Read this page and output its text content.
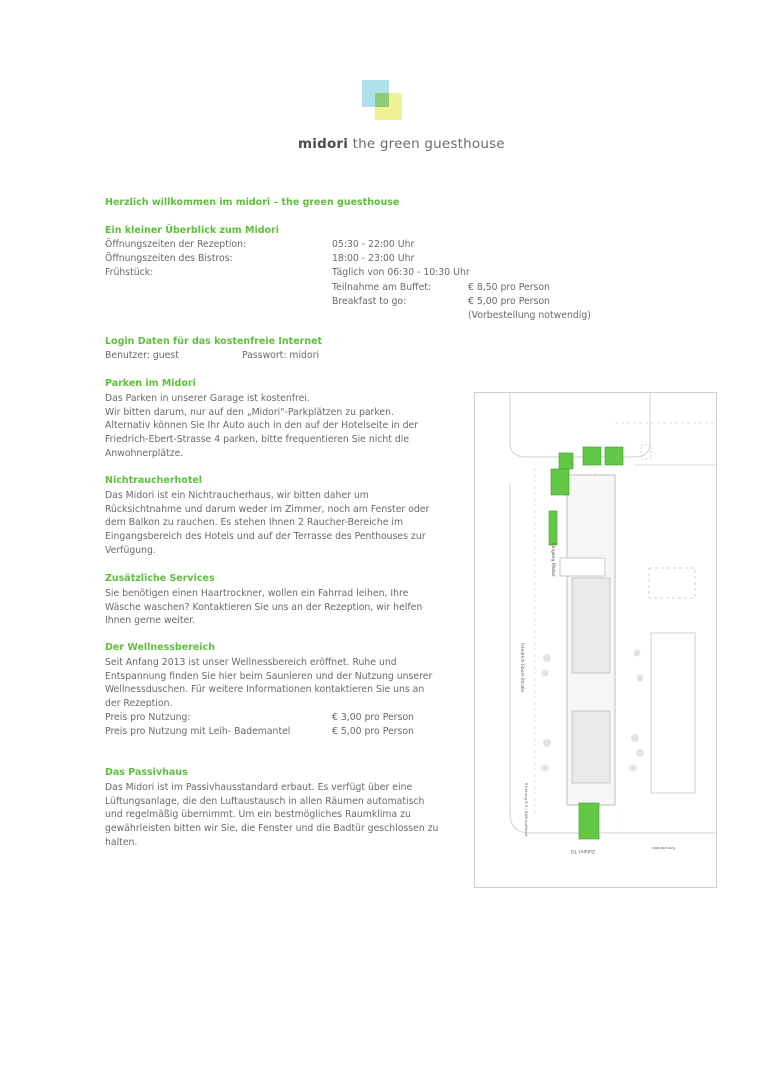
midori the green guesthouse
Herzlich willkommen im midori – the green guesthouse
Ein kleiner Überblick zum Midori
Öffnungszeiten der Rezeption:	05:30 - 22:00 Uhr
Öffnungszeiten des Bistros:	18:00 - 23:00 Uhr
Frühstück:	Täglich von 06:30 - 10:30 Uhr
Teilnahme am Buffet:	€ 8,50 pro Person
Breakfast to go:	€ 5,00 pro Person
(Vorbestellung notwendig)
Login Daten für das kostenfreie Internet
Benutzer: guest	Passwort: midori
Parken im Midori
Das Parken in unserer Garage ist kostenfrei.
Wir bitten darum, nur auf den „Midori"-Parkplätzen zu parken.
Alternativ können Sie Ihr Auto auch in den auf der Hotelseite in der
Friedrich-Ebert-Strasse 4 parken, bitte frequentieren Sie nicht die
Anwohnerplätze.
Nichtraucherhotel
Das Midori ist ein Nichtraucherhaus, wir bitten daher um
Rücksichtnahme und darum weder im Zimmer, noch am Fenster oder
dem Balkon zu rauchen. Es stehen Ihnen 2 Raucher-Bereiche im
Eingangsbereich des Hotels und auf der Terrasse des Penthouses zur
Verfügung.
Zusätzliche Services
Sie benötigen einen Haartrockner, wollen ein Fahrrad leihen, Ihre
Wäsche waschen? Kontaktieren Sie uns an der Rezeption, wir helfen
Ihnen gerne weiter.
Der Wellnessbereich
Seit Anfang 2013 ist unser Wellnessbereich eröffnet. Ruhe und
Entspannung finden Sie hier beim Saunieren und der Nutzung unserer
Wellnessduschen. Für weitere Informationen kontaktieren Sie uns an
der Rezeption.
Preis pro Nutzung:	€ 3,00 pro Person
Preis pro Nutzung mit Leih- Bademantel	€ 5,00 pro Person
Das Passivhaus
Das Midori ist im Passivhausstandard erbaut. Es verfügt über eine
Lüftungsanlage, die den Luftaustausch in allen Räumen automatisch
und regelmäßig übernimmt. Um ein bestmögliches Raumklima zu
gewährleisten bitten wir Sie, die Fenster und die Badtür geschlossen zu
halten.
Eingang Midori
Friedrich-Ebert-Straße
Richtung B 3 / BAB Aufffahrt
Zufahrt TG	Kreuzstraße
